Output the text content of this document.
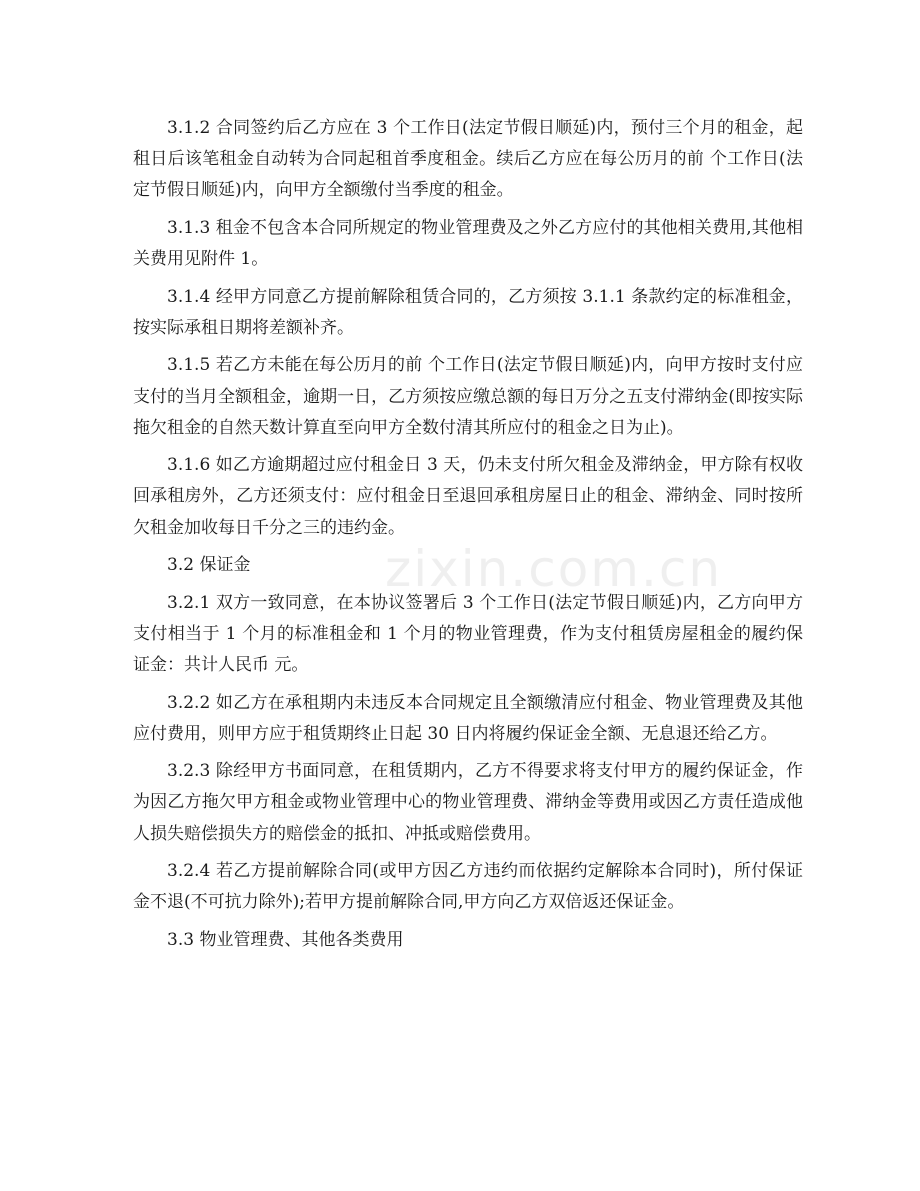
3.1.2 合同签约后乙方应在 3 个工作日(法定节假日顺延)内，预付三个月的租金，起租日后该笔租金自动转为合同起租首季度租金。续后乙方应在每公历月的前 个工作日(法定节假日顺延)内，向甲方全额缴付当季度的租金。

3.1.3 租金不包含本合同所规定的物业管理费及之外乙方应付的其他相关费用,其他相关费用见附件 1。

3.1.4 经甲方同意乙方提前解除租赁合同的，乙方须按 3.1.1 条款约定的标准租金，按实际承租日期将差额补齐。

3.1.5 若乙方未能在每公历月的前 个工作日(法定节假日顺延)内，向甲方按时支付应支付的当月全额租金，逾期一日，乙方须按应缴总额的每日万分之五支付滞纳金(即按实际拖欠租金的自然天数计算直至向甲方全数付清其所应付的租金之日为止)。

3.1.6 如乙方逾期超过应付租金日 3 天，仍未支付所欠租金及滞纳金，甲方除有权收回承租房外，乙方还须支付：应付租金日至退回承租房屋日止的租金、滞纳金、同时按所欠租金加收每日千分之三的违约金。

3.2 保证金

3.2.1 双方一致同意，在本协议签署后 3 个工作日(法定节假日顺延)内，乙方向甲方支付相当于 1 个月的标准租金和 1 个月的物业管理费，作为支付租赁房屋租金的履约保证金：共计人民币 元。

3.2.2 如乙方在承租期内未违反本合同规定且全额缴清应付租金、物业管理费及其他应付费用，则甲方应于租赁期终止日起 30 日内将履约保证金全额、无息退还给乙方。

3.2.3 除经甲方书面同意，在租赁期内，乙方不得要求将支付甲方的履约保证金，作为因乙方拖欠甲方租金或物业管理中心的物业管理费、滞纳金等费用或因乙方责任造成他人损失赔偿损失方的赔偿金的抵扣、冲抵或赔偿费用。

3.2.4 若乙方提前解除合同(或甲方因乙方违约而依据约定解除本合同时)，所付保证金不退(不可抗力除外);若甲方提前解除合同,甲方向乙方双倍返还保证金。

3.3 物业管理费、其他各类费用

zixin.com.cn
